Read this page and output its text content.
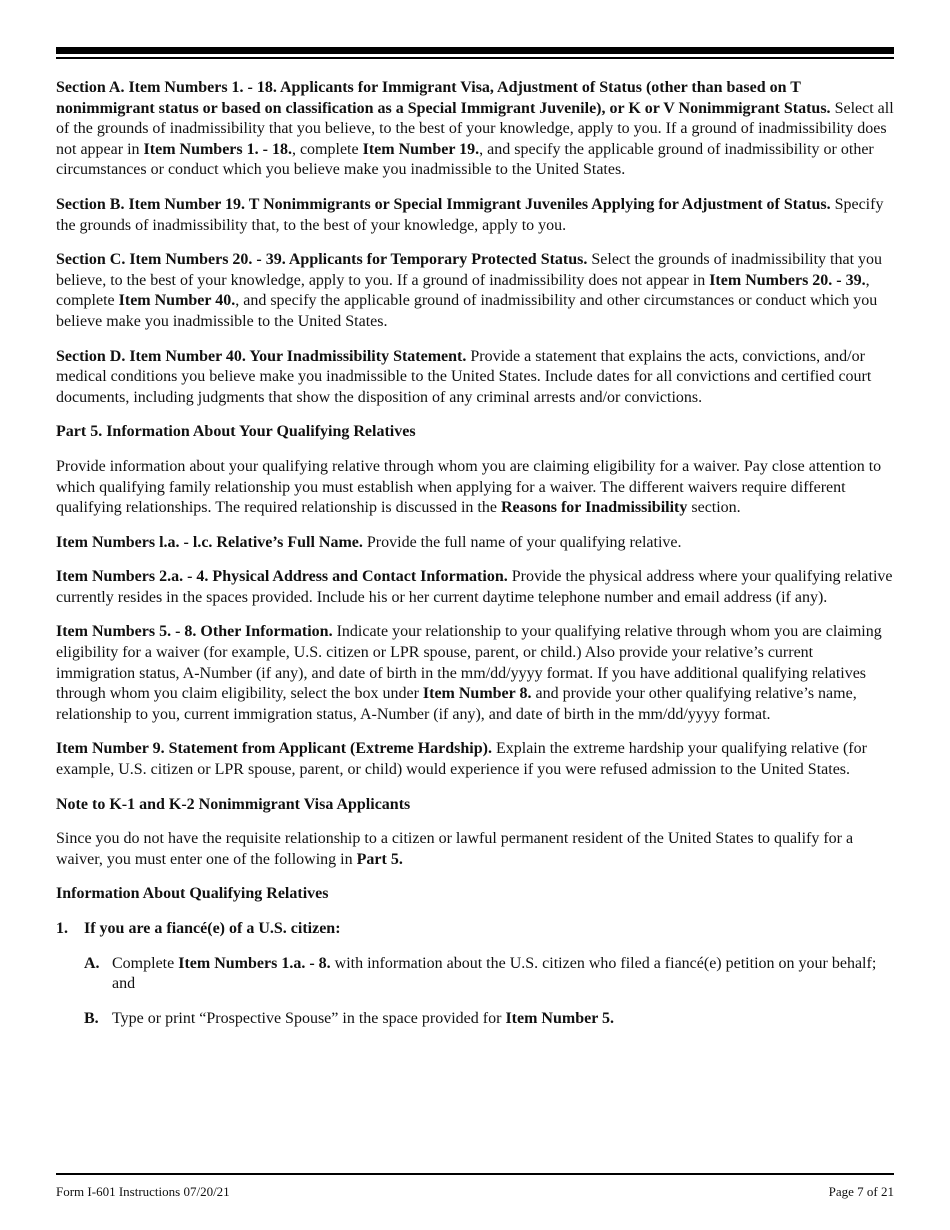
Section A. Item Numbers 1. - 18. Applicants for Immigrant Visa, Adjustment of Status (other than based on T nonimmigrant status or based on classification as a Special Immigrant Juvenile), or K or V Nonimmigrant Status. Select all of the grounds of inadmissibility that you believe, to the best of your knowledge, apply to you. If a ground of inadmissibility does not appear in Item Numbers 1. - 18., complete Item Number 19., and specify the applicable ground of inadmissibility or other circumstances or conduct which you believe make you inadmissible to the United States.

Section B. Item Number 19. T Nonimmigrants or Special Immigrant Juveniles Applying for Adjustment of Status. Specify the grounds of inadmissibility that, to the best of your knowledge, apply to you.

Section C. Item Numbers 20. - 39. Applicants for Temporary Protected Status. Select the grounds of inadmissibility that you believe, to the best of your knowledge, apply to you. If a ground of inadmissibility does not appear in Item Numbers 20. - 39., complete Item Number 40., and specify the applicable ground of inadmissibility and other circumstances or conduct which you believe make you inadmissible to the United States.

Section D. Item Number 40. Your Inadmissibility Statement. Provide a statement that explains the acts, convictions, and/or medical conditions you believe make you inadmissible to the United States. Include dates for all convictions and certified court documents, including judgments that show the disposition of any criminal arrests and/or convictions.

Part 5. Information About Your Qualifying Relatives

Provide information about your qualifying relative through whom you are claiming eligibility for a waiver. Pay close attention to which qualifying family relationship you must establish when applying for a waiver. The different waivers require different qualifying relationships. The required relationship is discussed in the Reasons for Inadmissibility section.

Item Numbers l.a. - l.c. Relative’s Full Name. Provide the full name of your qualifying relative.

Item Numbers 2.a. - 4. Physical Address and Contact Information. Provide the physical address where your qualifying relative currently resides in the spaces provided. Include his or her current daytime telephone number and email address (if any).

Item Numbers 5. - 8. Other Information. Indicate your relationship to your qualifying relative through whom you are claiming eligibility for a waiver (for example, U.S. citizen or LPR spouse, parent, or child.) Also provide your relative’s current immigration status, A-Number (if any), and date of birth in the mm/dd/yyyy format. If you have additional qualifying relatives through whom you claim eligibility, select the box under Item Number 8. and provide your other qualifying relative’s name, relationship to you, current immigration status, A-Number (if any), and date of birth in the mm/dd/yyyy format.

Item Number 9. Statement from Applicant (Extreme Hardship). Explain the extreme hardship your qualifying relative (for example, U.S. citizen or LPR spouse, parent, or child) would experience if you were refused admission to the United States.

Note to K-1 and K-2 Nonimmigrant Visa Applicants

Since you do not have the requisite relationship to a citizen or lawful permanent resident of the United States to qualify for a waiver, you must enter one of the following in Part 5.

Information About Qualifying Relatives

1.	If you are a fiancé(e) of a U.S. citizen:
A. Complete Item Numbers 1.a. - 8. with information about the U.S. citizen who filed a fiancé(e) petition on your behalf; and
B. Type or print “Prospective Spouse” in the space provided for Item Number 5.
Form I-601 Instructions 07/20/21	Page 7 of 21
